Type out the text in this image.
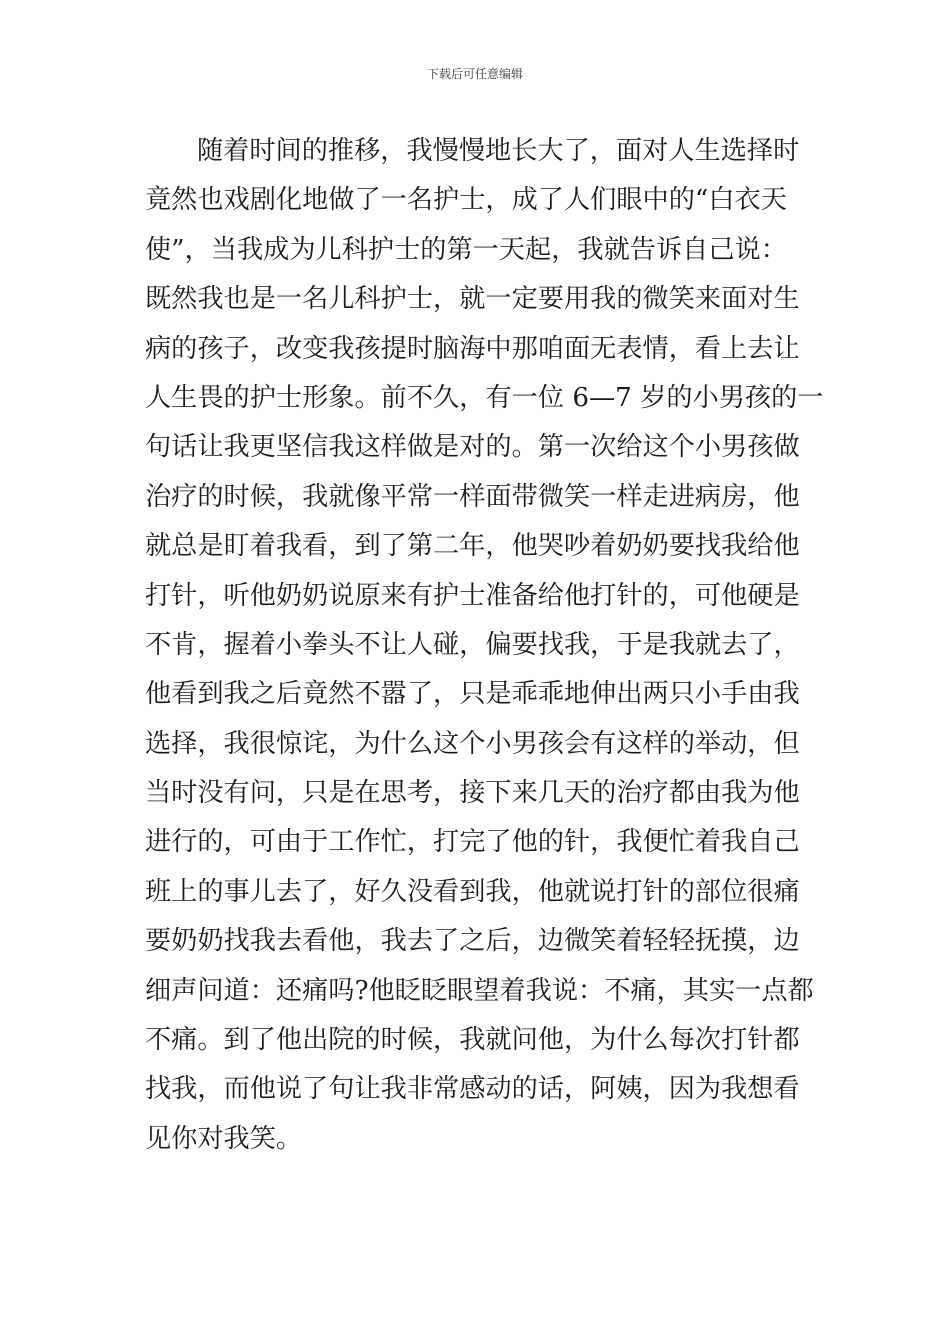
下载后可任意编辑
随着时间的推移，我慢慢地长大了，面对人生选择时
竟然也戏剧化地做了一名护士，成了人们眼中的“白衣天
使”，当我成为儿科护士的第一天起，我就告诉自己说：
既然我也是一名儿科护士，就一定要用我的微笑来面对生
病的孩子，改变我孩提时脑海中那咱面无表情，看上去让
人生畏的护士形象。前不久，有一位 6—7 岁的小男孩的一
句话让我更坚信我这样做是对的。第一次给这个小男孩做
治疗的时候，我就像平常一样面带微笑一样走进病房，他
就总是盯着我看，到了第二年，他哭吵着奶奶要找我给他
打针，听他奶奶说原来有护士准备给他打针的，可他硬是
不肯，握着小拳头不让人碰，偏要找我，于是我就去了，
他看到我之后竟然不嚣了，只是乖乖地伸出两只小手由我
选择，我很惊诧，为什么这个小男孩会有这样的举动，但
当时没有问，只是在思考，接下来几天的治疗都由我为他
进行的，可由于工作忙，打完了他的针，我便忙着我自己
班上的事儿去了，好久没看到我，他就说打针的部位很痛
要奶奶找我去看他，我去了之后，边微笑着轻轻抚摸，边
细声问道：还痛吗?他眨眨眼望着我说：不痛，其实一点都
不痛。到了他出院的时候，我就问他，为什么每次打针都
找我，而他说了句让我非常感动的话，阿姨，因为我想看
见你对我笑。
